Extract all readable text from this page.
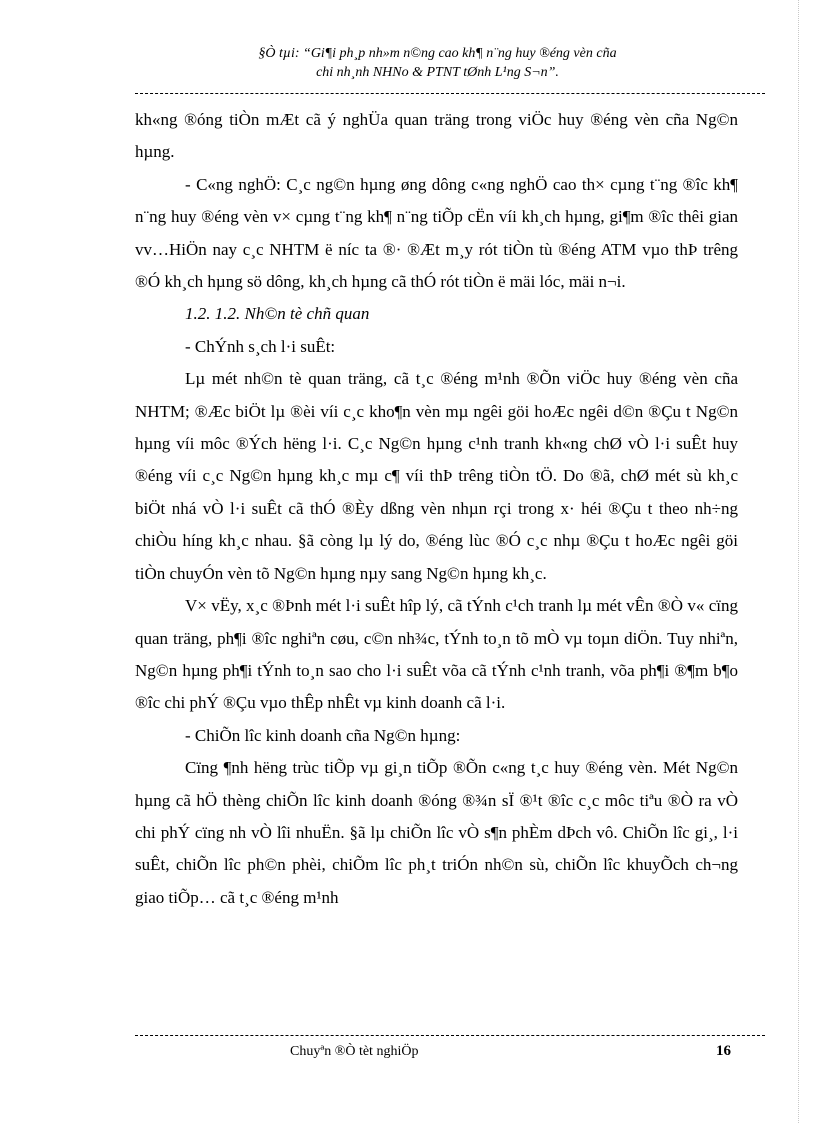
§Ò tµi: “Gi¶i ph¸p nh»m n©ng cao kh¶ n¨ng huy ®éng vèn cña
chi nh¸nh NHNo & PTNT tØnh L¹ng S¬n”.

kh«ng ®óng tiÒn mÆt cã ý nghÜa quan träng trong viÖc huy ®éng vèn cña Ng©n hµng.

- C«ng nghÖ: C¸c ng©n hµng øng dông c«ng nghÖ cao th× cµng t¨ng ®îc kh¶ n¨ng huy ®éng vèn v× cµng t¨ng kh¶ n¨ng tiÕp cËn víi kh¸ch hµng, gi¶m ®îc thêi gian vv…HiÖn nay c¸c NHTM ë níc ta ®· ®Æt m¸y rót tiÒn tù ®éng ATM vµo thÞ trêng ®Ó kh¸ch hµng sö dông, kh¸ch hµng cã thÓ rót tiÒn ë mäi lóc, mäi n¬i.

1.2. 1.2. Nh©n tè chñ quan

- ChÝnh s¸ch l·i suÊt:

Lµ mét nh©n tè quan träng, cã t¸c ®éng m¹nh ®Õn viÖc huy ®éng vèn cña NHTM; ®Æc biÖt lµ ®èi víi c¸c kho¶n vèn mµ ngêi göi hoÆc ngêi d©n ®Çu t Ng©n hµng víi môc ®Ých hëng l·i. C¸c Ng©n hµng c¹nh tranh kh«ng chØ vÒ l·i suÊt huy ®éng víi c¸c Ng©n hµng kh¸c mµ c¶ víi thÞ trêng tiÒn tÖ. Do ®ã, chØ mét sù kh¸c biÖt nhá vÒ l·i suÊt cã thÓ ®Èy dßng vèn nhµn rçi trong x· héi ®Çu t theo nh÷ng chiÒu híng kh¸c nhau. §ã còng lµ lý do, ®éng lùc ®Ó c¸c nhµ ®Çu t hoÆc ngêi göi tiÒn chuyÓn vèn tõ Ng©n hµng nµy sang Ng©n hµng kh¸c.

V× vËy, x¸c ®Þnh mét l·i suÊt hîp lý, cã tÝnh c¹ch tranh lµ mét vÊn ®Ò v« cïng quan träng, ph¶i ®îc nghiªn cøu, c©n nh¾c, tÝnh to¸n tõ mÒ vµ toµn diÖn. Tuy nhiªn, Ng©n hµng ph¶i tÝnh to¸n sao cho l·i suÊt võa cã tÝnh c¹nh tranh, võa ph¶i ®¶m b¶o ®îc chi phÝ ®Çu vµo thÊp nhÊt vµ kinh doanh cã l·i.

- ChiÕn lîc kinh doanh cña Ng©n hµng:

Cïng ¶nh hëng trùc tiÕp vµ gi¸n tiÕp ®Õn c«ng t¸c huy ®éng vèn. Mét Ng©n hµng cã hÖ thèng chiÕn lîc kinh doanh ®óng ®¾n sÏ ®¹t ®îc c¸c môc tiªu ®Ò ra vÒ chi phÝ cïng nh vÒ lîi nhuËn. §ã lµ chiÕn lîc vÒ s¶n phÈm dÞch vô. ChiÕn lîc gi¸, l·i suÊt, chiÕn lîc ph©n phèi, chiÕm lîc ph¸t triÓn nh©n sù, chiÕn lîc khuyÕch ch¬ng giao tiÕp… cã t¸c ®éng m¹nh

Chuyªn ®Ò tèt nghiÖp	16
